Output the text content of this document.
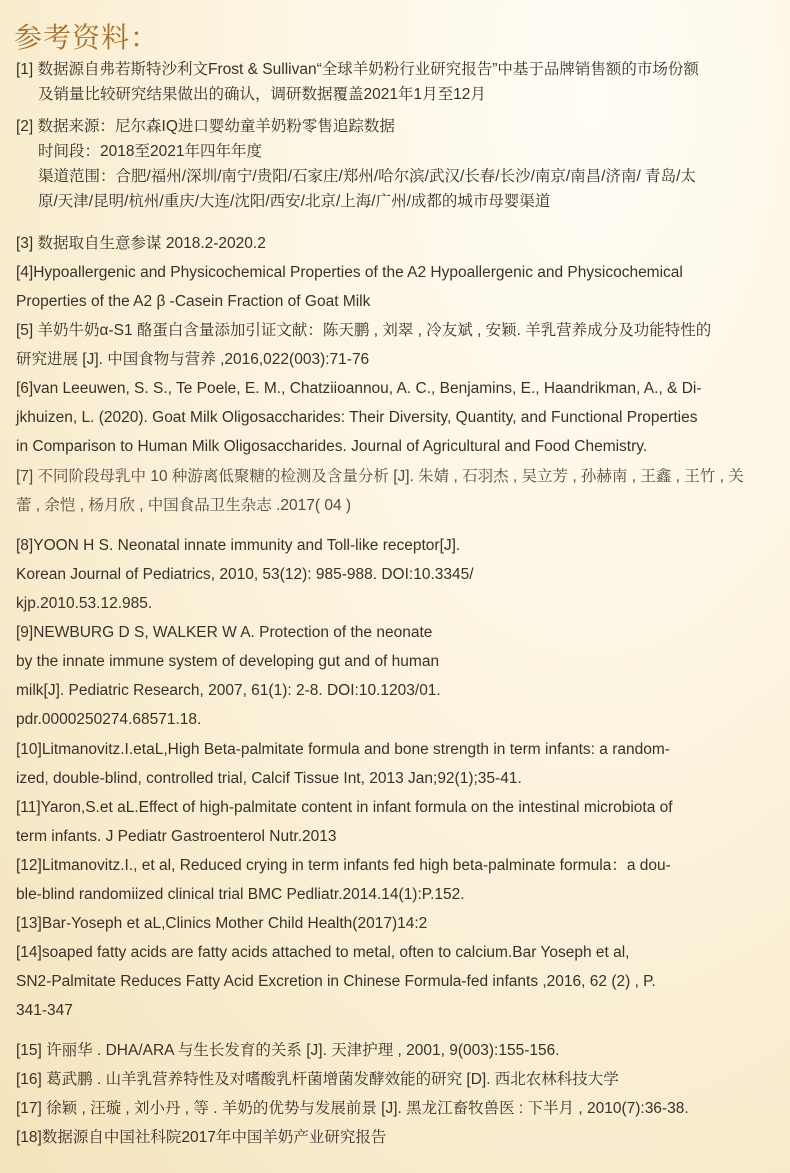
参考资料：
[1] 数据源自弗若斯特沙利文Frost & Sullivan“全球羊奶粉行业研究报告”中基于品牌销售额的市场份额
及销量比较研究结果做出的确认，调研数据覆盖2021年1月至12月
[2] 数据来源：尼尔森IQ进口婴幼童羊奶粉零售追踪数据
时间段：2018至2021年四年年度
渠道范围：合肥/福州/深圳/南宁/贵阳/石家庄/郑州/哈尔滨/武汉/长春/长沙/南京/南昌/济南/ 青岛/太
原/天津/昆明/杭州/重庆/大连/沈阳/西安/北京/上海/广州/成都的城市母婴渠道
[3] 数据取自生意参谋 2018.2-2020.2
[4]Hypoallergenic and Physicochemical Properties of the A2 Hypoallergenic and Physicochemical
Properties of the A2 β -Casein Fraction of Goat Milk
[5] 羊奶牛奶α-S1 酪蛋白含量添加引证文献：陈天鹏 , 刘翠 , 冷友斌 , 安颖. 羊乳营养成分及功能特性的
研究进展 [J]. 中国食物与营养 ,2016,022(003):71-76
[6]van Leeuwen, S. S., Te Poele, E. M., Chatziioannou, A. C., Benjamins, E., Haandrikman, A., & Di-
jkhuizen, L. (2020). Goat Milk Oligosaccharides: Their Diversity, Quantity, and Functional Properties
in Comparison to Human Milk Oligosaccharides. Journal of Agricultural and Food Chemistry.
[7] 不同阶段母乳中 10 种游离低聚糖的检测及含量分析 [J]. 朱婧 , 石羽杰 , 吴立芳 , 孙赫南 , 王鑫 , 王竹 , 关
蕾 , 余恺 , 杨月欣 , 中国食品卫生杂志 .2017( 04 )
[8]YOON H S. Neonatal innate immunity and Toll-like receptor[J].
Korean Journal of Pediatrics, 2010, 53(12): 985-988. DOI:10.3345/
kjp.2010.53.12.985.
[9]NEWBURG D S, WALKER W A. Protection of the neonate
by the innate immune system of developing gut and of human
milk[J]. Pediatric Research, 2007, 61(1): 2-8. DOI:10.1203/01.
pdr.0000250274.68571.18.
[10]Litmanovitz.I.etaL,High Beta-palmitate formula and bone strength in term infants: a random-
ized, double-blind, controlled trial, Calcif Tissue Int, 2013 Jan;92(1);35-41.
[11]Yaron,S.et aL.Effect of high-palmitate content in infant formula on the intestinal microbiota of
term infants. J Pediatr Gastroenterol Nutr.2013
[12]Litmanovitz.I., et al, Reduced crying in term infants fed high beta-palminate formula：a dou-
ble-blind randomiized clinical trial BMC Pedliatr.2014.14(1):P.152.
[13]Bar-Yoseph et aL,Clinics Mother Child Health(2017)14:2
[14]soaped fatty acids are fatty acids attached to metal, often to calcium.Bar Yoseph et al,
SN2-Palmitate Reduces Fatty Acid Excretion in Chinese Formula-fed infants ,2016, 62 (2) , P.
341-347
[15] 许丽华 . DHA/ARA 与生长发育的关系 [J]. 天津护理 , 2001, 9(003):155-156.
[16] 葛武鹏 . 山羊乳营养特性及对嗜酸乳杆菌增菌发酵效能的研究 [D]. 西北农林科技大学
[17] 徐颖 , 汪璇 , 刘小丹 , 等 . 羊奶的优势与发展前景 [J]. 黑龙江畜牧兽医 : 下半月 , 2010(7):36-38.
[18]数据源自中国社科院2017年中国羊奶产业研究报告
